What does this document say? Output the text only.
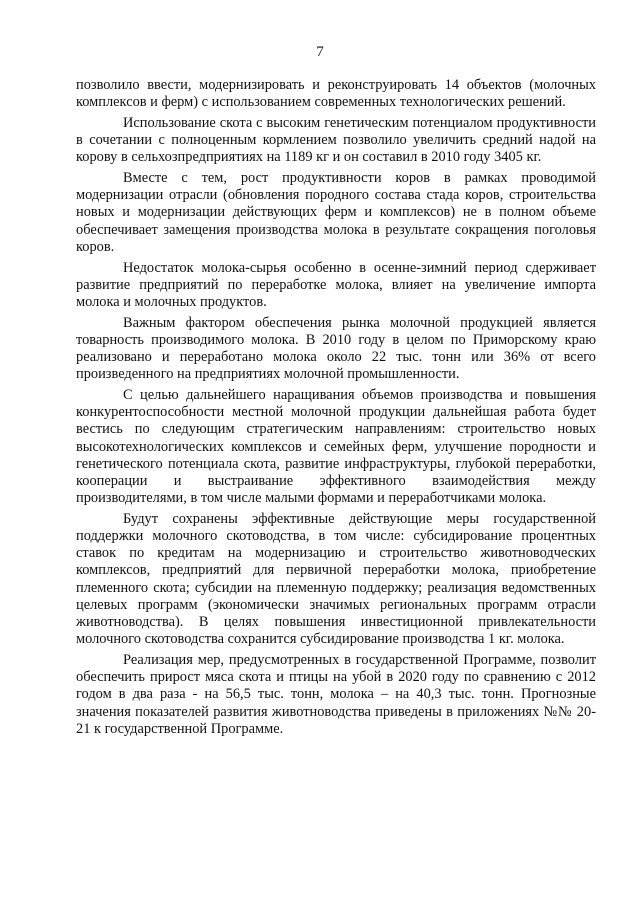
7

позволило ввести, модернизировать и реконструировать 14 объектов (молочных комплексов и ферм) с использованием современных технологических решений.

Использование скота с высоким генетическим потенциалом продуктивности в сочетании с полноценным кормлением позволило увеличить средний надой на корову в сельхозпредприятиях на 1189 кг и он составил в 2010 году 3405 кг.

Вместе с тем, рост продуктивности коров в рамках проводимой модернизации отрасли (обновления породного состава стада коров, строительства новых и модернизации действующих ферм и комплексов) не в полном объеме обеспечивает замещения производства молока в результате сокращения поголовья коров.

Недостаток молока-сырья особенно в осенне-зимний период сдерживает развитие предприятий по переработке молока, влияет на увеличение импорта молока и молочных продуктов.

Важным фактором обеспечения рынка молочной продукцией является товарность производимого молока. В 2010 году в целом по Приморскому краю реализовано и переработано молока около 22 тыс. тонн или 36% от всего произведенного на предприятиях молочной промышленности.

С целью дальнейшего наращивания объемов производства и повышения конкурентоспособности местной молочной продукции дальнейшая работа будет вестись по следующим стратегическим направлениям: строительство новых высокотехнологических комплексов и семейных ферм, улучшение породности и генетического потенциала скота, развитие инфраструктуры, глубокой переработки, кооперации и выстраивание эффективного взаимодействия между производителями, в том числе малыми формами и переработчиками молока.

Будут сохранены эффективные действующие меры государственной поддержки молочного скотоводства, в том числе: субсидирование процентных ставок по кредитам на модернизацию и строительство животноводческих комплексов, предприятий для первичной переработки молока, приобретение племенного скота; субсидии на племенную поддержку; реализация ведомственных целевых программ (экономически значимых региональных программ отрасли животноводства). В целях повышения инвестиционной привлекательности молочного скотоводства сохранится субсидирование производства 1 кг. молока.

Реализация мер, предусмотренных в государственной Программе, позволит обеспечить прирост мяса скота и птицы на убой в 2020 году по сравнению с 2012 годом в два раза - на 56,5 тыс. тонн, молока – на 40,3 тыс. тонн. Прогнозные значения показателей развития животноводства приведены в приложениях №№ 20-21 к государственной Программе.
